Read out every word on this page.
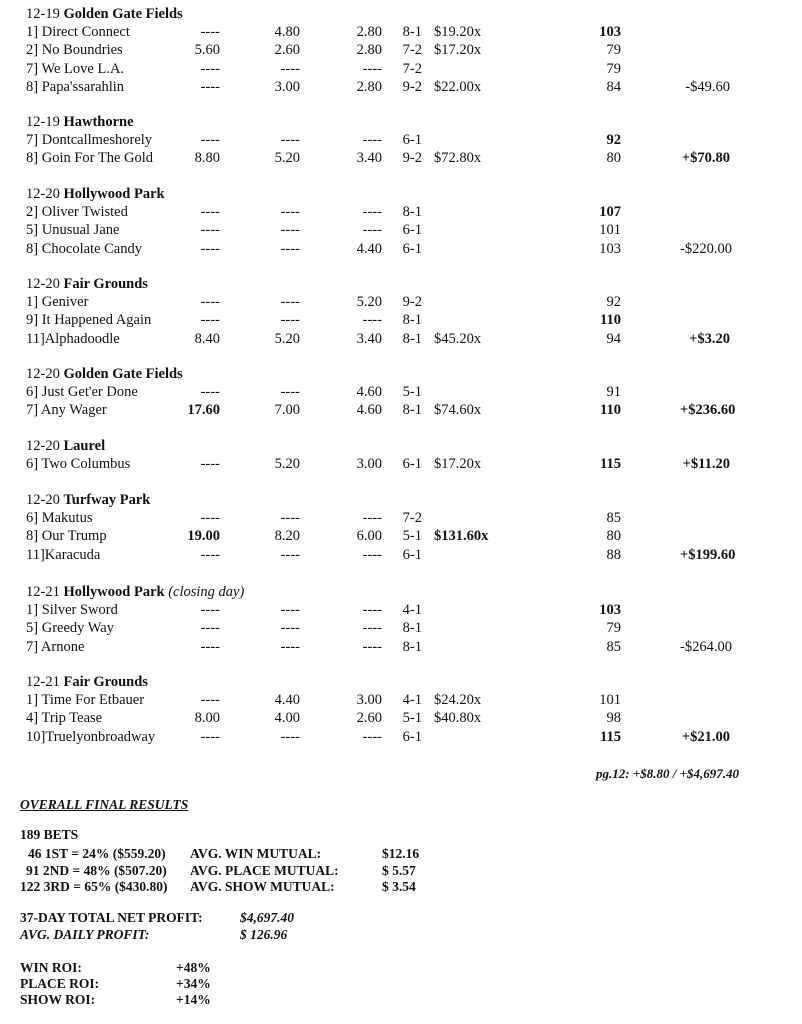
12-19 Golden Gate Fields
1] Direct Connect	----	4.80	2.80	8-1 $19.20x	103
2] No Boundries	5.60	2.60	2.80	7-2 $17.20x	79
7] We Love L.A.	----	----	----	7-2	79
8] Papa'ssarahlin	----	3.00	2.80	9-2 $22.00x	84	-$49.60
12-19 Hawthorne
7] Dontcallmeshorely	----	----	----	6-1	92
8] Goin For The Gold	8.80	5.20	3.40	9-2 $72.80x	80	+$70.80
12-20 Hollywood Park
2] Oliver Twisted	----	----	----	8-1	107
5] Unusual Jane	----	----	----	6-1	101
8] Chocolate Candy	----	----	4.40	6-1	103	-$220.00
12-20 Fair Grounds
1] Geniver	----	----	5.20	9-2	92
9] It Happened Again	----	----	----	8-1	110
11]Alphadoodle	8.40	5.20	3.40	8-1 $45.20x	94	+$3.20
12-20 Golden Gate Fields
6] Just Get'er Done	----	----	4.60	5-1	91
7] Any Wager	17.60	7.00	4.60	8-1 $74.60x	110	+$236.60
12-20 Laurel
6] Two Columbus	----	5.20	3.00	6-1 $17.20x	115	+$11.20
12-20 Turfway Park
6] Makutus	----	----	----	7-2	85
8] Our Trump	19.00	8.20	6.00	5-1 $131.60x	80
11]Karacuda	----	----	----	6-1	88	+$199.60
12-21 Hollywood Park (closing day)
1] Silver Sword	----	----	----	4-1	103
5] Greedy Way	----	----	----	8-1	79
7] Arnone	----	----	----	8-1	85	-$264.00
12-21 Fair Grounds
1] Time For Etbauer	----	4.40	3.00	4-1 $24.20x	101
4] Trip Tease	8.00	4.00	2.60	5-1 $40.80x	98
10]Truelyonbroadway	----	----	----	6-1	115	+$21.00
pg.12: +$8.80 / +$4,697.40
OVERALL FINAL RESULTS
189 BETS
46 1ST = 24% ($559.20) AVG. WIN MUTUAL:	$12.16
91 2ND = 48% ($507.20) AVG. PLACE MUTUAL:	$ 5.57
122 3RD = 65% ($430.80) AVG. SHOW MUTUAL:	$ 3.54
37-DAY TOTAL NET PROFIT:	$4,697.40
AVG. DAILY PROFIT:	$ 126.96
WIN ROI:	+48%
PLACE ROI:	+34%
SHOW ROI:	+14%
